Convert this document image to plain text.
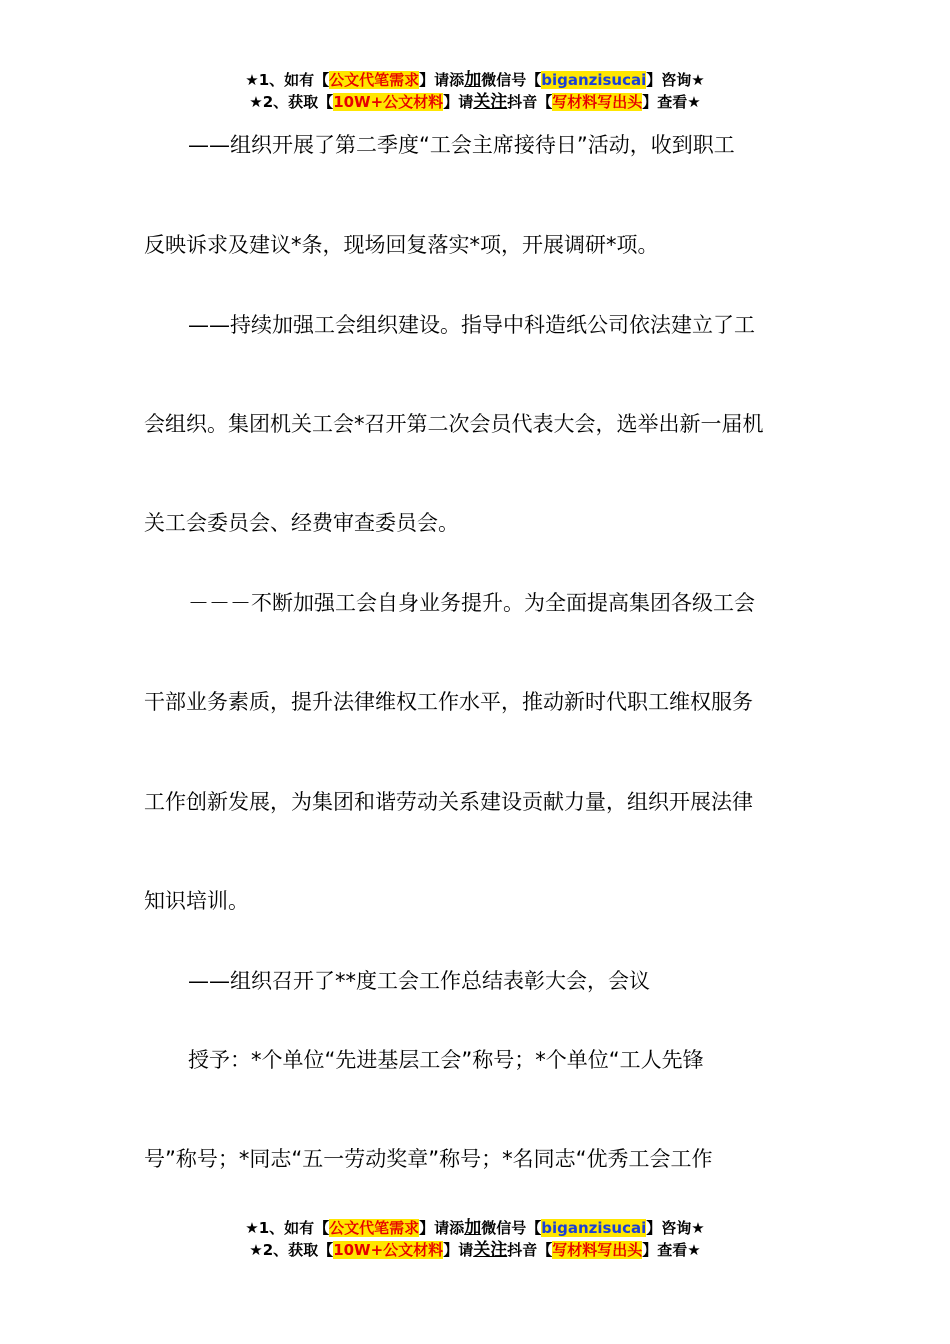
★1、如有【公文代笔需求】请添加微信号【biganzisucai】咨询★
★2、获取【10W+公文材料】请关注抖音【写材料写出头】查看★
——组织开展了第二季度“工会主席接待日”活动，收到职工
反映诉求及建议*条，现场回复落实*项，开展调研*项。
——持续加强工会组织建设。指导中科造纸公司依法建立了工
会组织。集团机关工会*召开第二次会员代表大会，选举出新一届机
关工会委员会、经费审查委员会。
－－－不断加强工会自身业务提升。为全面提高集团各级工会
干部业务素质，提升法律维权工作水平，推动新时代职工维权服务
工作创新发展，为集团和谐劳动关系建设贡献力量，组织开展法律
知识培训。
——组织召开了**度工会工作总结表彰大会，会议
授予：*个单位“先进基层工会”称号；*个单位“工人先锋
号”称号；*同志“五一劳动奖章”称号；*名同志“优秀工会工作
★1、如有【公文代笔需求】请添加微信号【biganzisucai】咨询★
★2、获取【10W+公文材料】请关注抖音【写材料写出头】查看★
